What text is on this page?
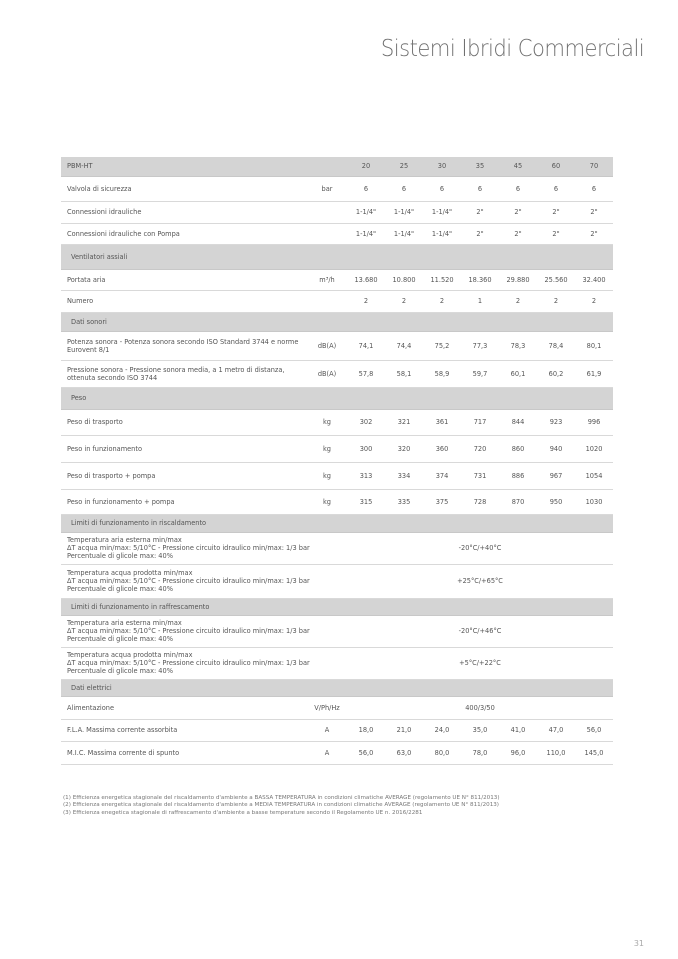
Sistemi Ibridi Commerciali
PBM-HT		20	25	30	35	45	60	70
Valvola di sicurezza	bar	6	6	6	6	6	6	6
Connessioni idrauliche		1-1/4"	1-1/4"	1-1/4"	2"	2"	2"	2"
Connessioni idrauliche con Pompa		1-1/4"	1-1/4"	1-1/4"	2"	2"	2"	2"
Ventilatori assiali								
Portata aria	m³/h	13.680	10.800	11.520	18.360	29.880	25.560	32.400
Numero		2	2	2	1	2	2	2
Dati sonori								
Potenza sonora - Potenza sonora secondo ISO Standard 3744 e norme Eurovent 8/1	dB(A)	74,1	74,4	75,2	77,3	78,3	78,4	80,1
Pressione sonora - Pressione sonora media, a 1 metro di distanza, ottenuta secondo ISO 3744	dB(A)	57,8	58,1	58,9	59,7	60,1	60,2	61,9
Peso								
Peso di trasporto	kg	302	321	361	717	844	923	996
Peso in funzionamento	kg	300	320	360	720	860	940	1020
Peso di trasporto + pompa	kg	313	334	374	731	886	967	1054
Peso in funzionamento + pompa	kg	315	335	375	728	870	950	1030
Limiti di funzionamento in riscaldamento								

Temperatura aria esterna min/max
ΔT acqua min/max: 5/10°C - Pressione circuito idraulico min/max: 1/3 bar
Percentuale di glicole max: 40%		-20°C/+40°C						

Temperatura acqua prodotta min/max
ΔT acqua min/max: 5/10°C - Pressione circuito idraulico min/max: 1/3 bar
Percentuale di glicole max: 40%		+25°C/+65°C						
Limiti di funzionamento in raffrescamento								

Temperatura aria esterna min/max
ΔT acqua min/max: 5/10°C - Pressione circuito idraulico min/max: 1/3 bar
Percentuale di glicole max: 40%		-20°C/+46°C						

Temperatura acqua prodotta min/max
ΔT acqua min/max: 5/10°C - Pressione circuito idraulico min/max: 1/3 bar
Percentuale di glicole max: 40%		+5°C/+22°C						
Dati elettrici								
Alimentazione	V/Ph/Hz	400/3/50						
F.L.A. Massima corrente assorbita	A	18,0	21,0	24,0	35,0	41,0	47,0	56,0
M.I.C. Massima corrente di spunto	A	56,0	63,0	80,0	78,0	96,0	110,0	145,0
(1) Efficienza energetica stagionale del riscaldamento d'ambiente a BASSA TEMPERATURA in condizioni climatiche AVERAGE (regolamento UE N° 811/2013)
(2) Efficienza energetica stagionale del riscaldamento d'ambiente a MEDIA TEMPERATURA in condizioni climatiche AVERAGE (regolamento UE N° 811/2013)
(3) Efficienza enegetica stagionale di raffrescamento d'ambiente a basse temperature secondo il Regolamento UE n. 2016/2281
31
